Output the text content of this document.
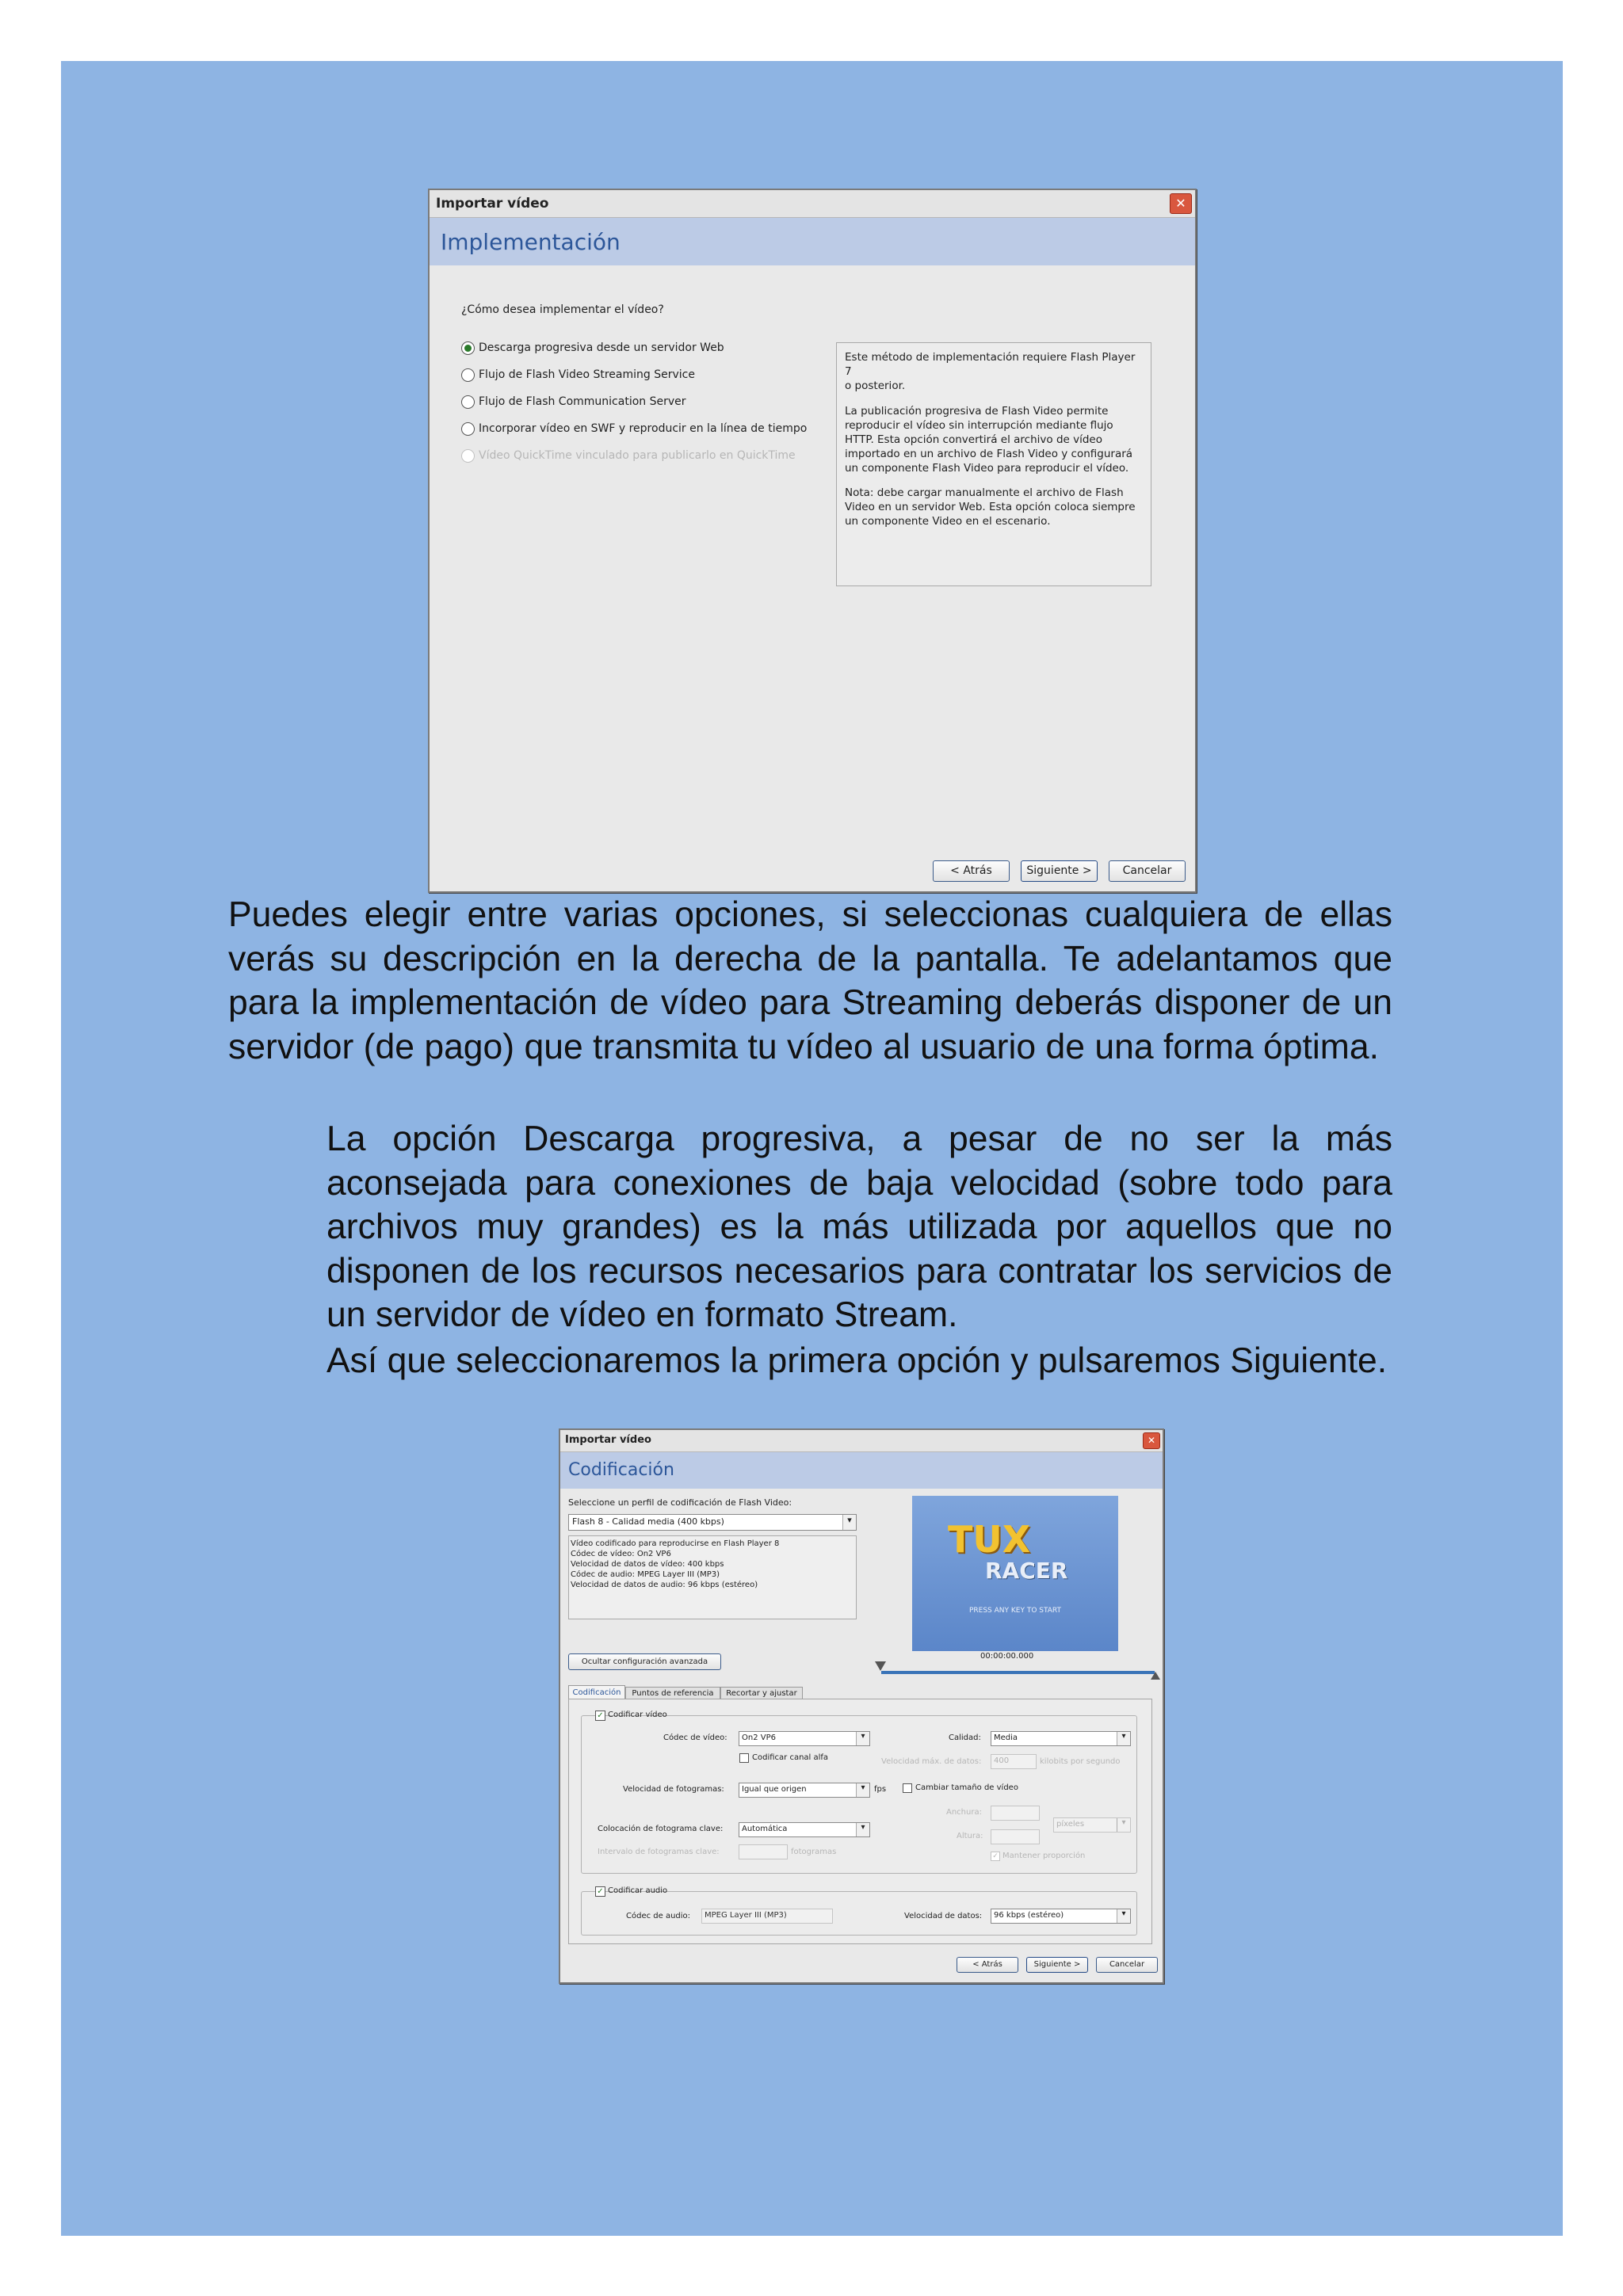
Importar vídeo	✕
Implementación
¿Cómo desea implementar el vídeo?
Descarga progresiva desde un servidor Web
Flujo de Flash Video Streaming Service
Flujo de Flash Communication Server
Incorporar vídeo en SWF y reproducir en la línea de tiempo
Vídeo QuickTime vinculado para publicarlo en QuickTime

Este método de implementación requiere Flash Player 7
o posterior.

La publicación progresiva de Flash Video permite
reproducir el vídeo sin interrupción mediante flujo
HTTP. Esta opción convertirá el archivo de vídeo
importado en un archivo de Flash Video y configurará
un componente Flash Video para reproducir el vídeo.

Nota: debe cargar manualmente el archivo de Flash
Video en un servidor Web. Esta opción coloca siempre
un componente Video en el escenario.

< Atrás	Siguiente >	Cancelar
Puedes elegir entre varias opciones, si seleccionas cualquiera de ellas verás su descripción en la derecha de la pantalla. Te adelantamos que para la implementación de vídeo para Streaming deberás disponer de un servidor (de pago) que transmita tu vídeo al usuario de una forma óptima.
La opción Descarga progresiva, a pesar de no ser la más aconsejada para conexiones de baja velocidad (sobre todo para archivos muy grandes) es la más utilizada por aquellos que no disponen de los recursos necesarios para contratar los servicios de un servidor de vídeo en formato Stream.
Así que seleccionaremos la primera opción y pulsaremos Siguiente.
Importar vídeo	✕
Codificación
Seleccione un perfil de codificación de Flash Video:
Flash 8 - Calidad media (400 kbps)	▾
Vídeo codificado para reproducirse en Flash Player 8
Códec de vídeo: On2 VP6
Velocidad de datos de vídeo: 400 kbps
Códec de audio: MPEG Layer III (MP3)
Velocidad de datos de audio: 96 kbps (estéreo)
TUX
RACER
PRESS ANY KEY TO START
Ocultar configuración avanzada
00:00:00.000
Codificación	Puntos de referencia	Recortar y ajustar
✓ Codificar vídeo
Códec de vídeo:	On2 VP6	▾
Codificar canal alfa
Calidad:	Media	▾
Velocidad máx. de datos:	400	kilobits por segundo
Velocidad de fotogramas:	Igual que origen	▾	fps	Cambiar tamaño de vídeo
Anchura:
Altura:
píxeles	▾
✓ Mantener proporción
Colocación de fotograma clave:	Automática	▾
Intervalo de fotogramas clave:	fotogramas
✓ Codificar audio
Códec de audio:	MPEG Layer III (MP3)	Velocidad de datos:	96 kbps (estéreo)	▾
< Atrás	Siguiente >	Cancelar
